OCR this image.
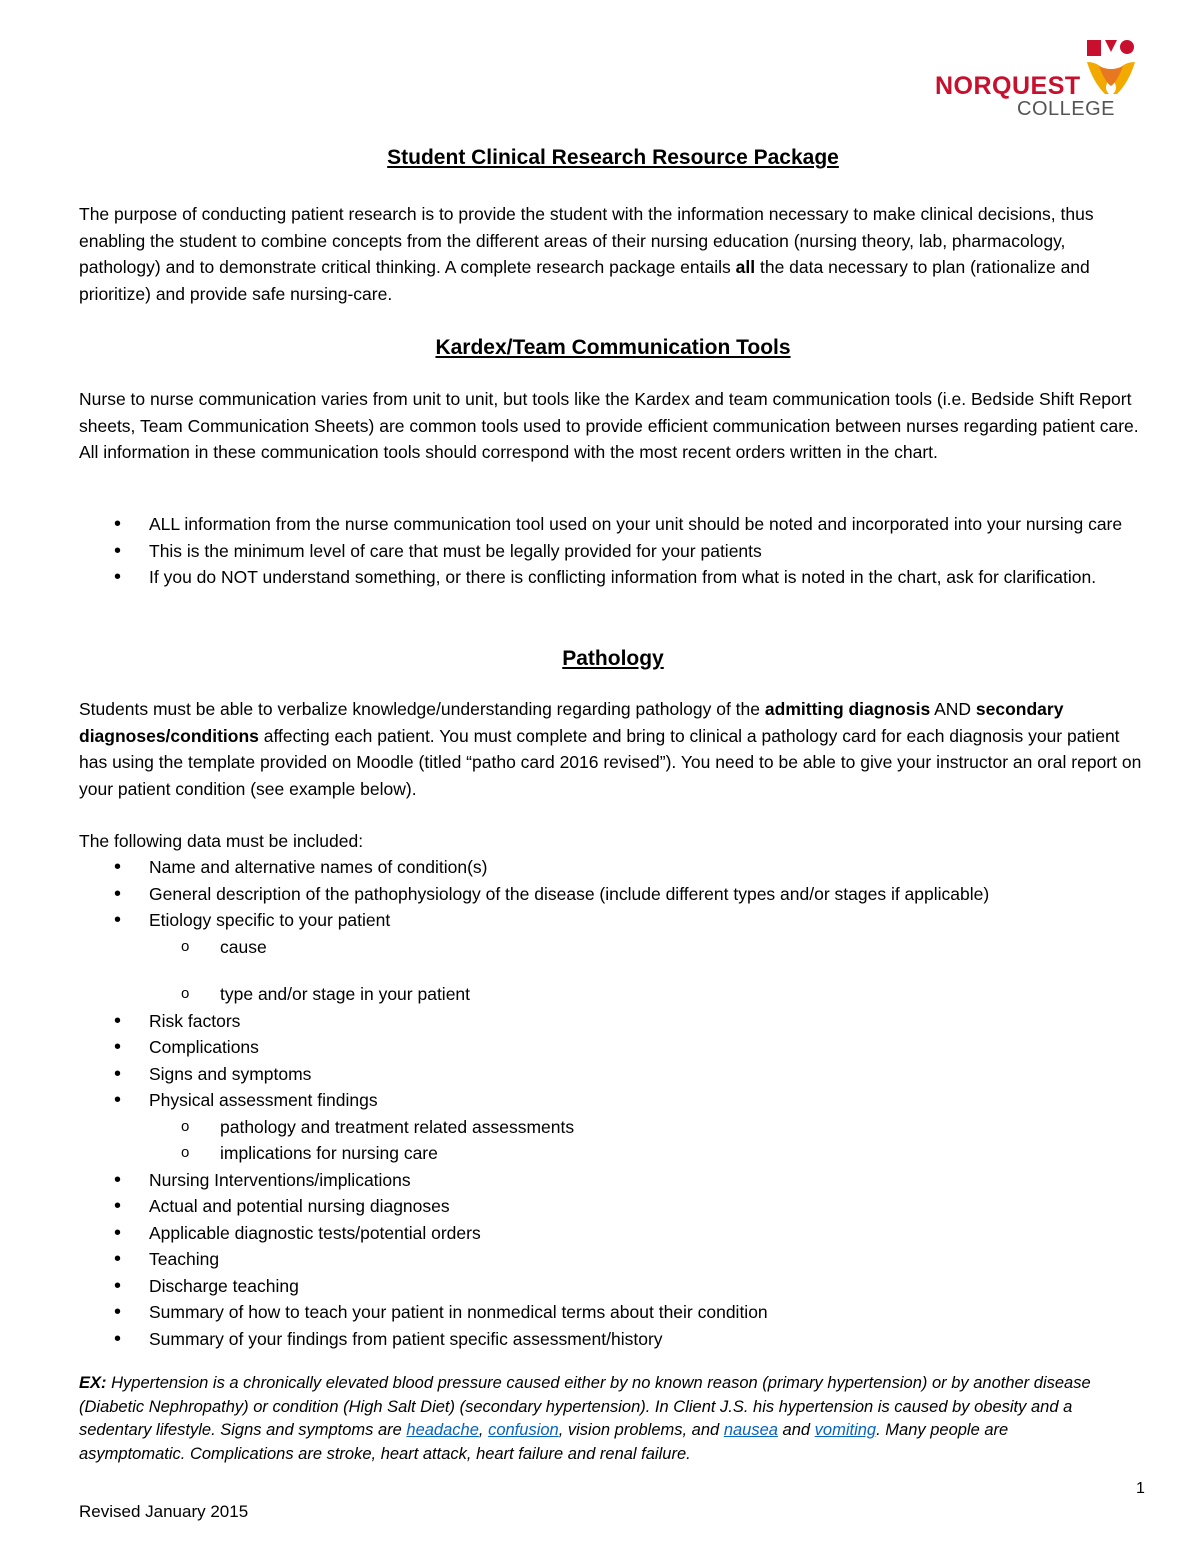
NORQUEST
COLLEGE
Student Clinical Research Resource Package
The purpose of conducting patient research is to provide the student with the information necessary to make clinical decisions, thus enabling the student to combine concepts from the different areas of their nursing education (nursing theory, lab, pharmacology, pathology) and to demonstrate critical thinking. A complete research package entails all the data necessary to plan (rationalize and prioritize) and provide safe nursing-care.
Kardex/Team Communication Tools
Nurse to nurse communication varies from unit to unit, but tools like the Kardex and team communication tools (i.e. Bedside Shift Report sheets, Team Communication Sheets) are common tools used to provide efficient communication between nurses regarding patient care. All information in these communication tools should correspond with the most recent orders written in the chart.
• ALL information from the nurse communication tool used on your unit should be noted and incorporated into your nursing care
• This is the minimum level of care that must be legally provided for your patients
• If you do NOT understand something, or there is conflicting information from what is noted in the chart, ask for clarification.
Pathology
Students must be able to verbalize knowledge/understanding regarding pathology of the admitting diagnosis AND secondary diagnoses/conditions affecting each patient. You must complete and bring to clinical a pathology card for each diagnosis your patient has using the template provided on Moodle (titled “patho card 2016 revised”). You need to be able to give your instructor an oral report on your patient condition (see example below).
The following data must be included:
• Name and alternative names of condition(s)
• General description of the pathophysiology of the disease (include different types and/or stages if applicable)
• Etiology specific to your patient
o cause
o type and/or stage in your patient
• Risk factors
• Complications
• Signs and symptoms
• Physical assessment findings
o pathology and treatment related assessments
o implications for nursing care
• Nursing Interventions/implications
• Actual and potential nursing diagnoses
• Applicable diagnostic tests/potential orders
• Teaching
• Discharge teaching
• Summary of how to teach your patient in nonmedical terms about their condition
• Summary of your findings from patient specific assessment/history
EX: Hypertension is a chronically elevated blood pressure caused either by no known reason (primary hypertension) or by another disease (Diabetic Nephropathy) or condition (High Salt Diet) (secondary hypertension). In Client J.S. his hypertension is caused by obesity and a sedentary lifestyle. Signs and symptoms are headache, confusion, vision problems, and nausea and vomiting. Many people are asymptomatic. Complications are stroke, heart attack, heart failure and renal failure.
1
Revised January 2015
